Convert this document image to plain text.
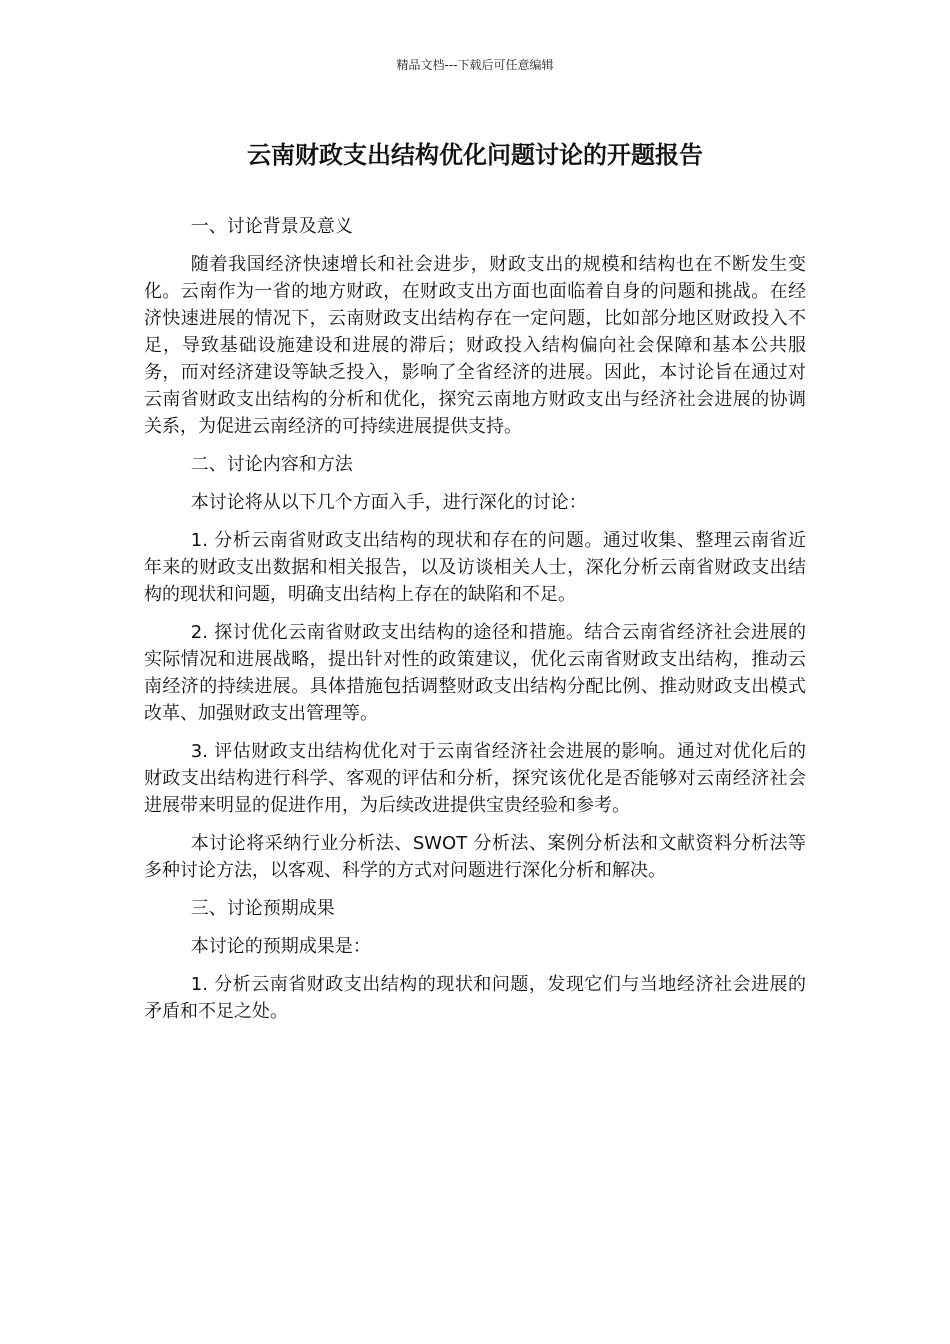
精品文档---下载后可任意编辑
云南财政支出结构优化问题讨论的开题报告

一、讨论背景及意义

随着我国经济快速增长和社会进步，财政支出的规模和结构也在不断发生变化。云南作为一省的地方财政，在财政支出方面也面临着自身的问题和挑战。在经济快速进展的情况下，云南财政支出结构存在一定问题，比如部分地区财政投入不足，导致基础设施建设和进展的滞后；财政投入结构偏向社会保障和基本公共服务，而对经济建设等缺乏投入，影响了全省经济的进展。因此，本讨论旨在通过对云南省财政支出结构的分析和优化，探究云南地方财政支出与经济社会进展的协调关系，为促进云南经济的可持续进展提供支持。

二、讨论内容和方法

本讨论将从以下几个方面入手，进行深化的讨论：

1. 分析云南省财政支出结构的现状和存在的问题。通过收集、整理云南省近年来的财政支出数据和相关报告，以及访谈相关人士，深化分析云南省财政支出结构的现状和问题，明确支出结构上存在的缺陷和不足。

2. 探讨优化云南省财政支出结构的途径和措施。结合云南省经济社会进展的实际情况和进展战略，提出针对性的政策建议，优化云南省财政支出结构，推动云南经济的持续进展。具体措施包括调整财政支出结构分配比例、推动财政支出模式改革、加强财政支出管理等。

3. 评估财政支出结构优化对于云南省经济社会进展的影响。通过对优化后的财政支出结构进行科学、客观的评估和分析，探究该优化是否能够对云南经济社会进展带来明显的促进作用，为后续改进提供宝贵经验和参考。

本讨论将采纳行业分析法、SWOT 分析法、案例分析法和文献资料分析法等多种讨论方法，以客观、科学的方式对问题进行深化分析和解决。

三、讨论预期成果

本讨论的预期成果是：

1. 分析云南省财政支出结构的现状和问题，发现它们与当地经济社会进展的矛盾和不足之处。
